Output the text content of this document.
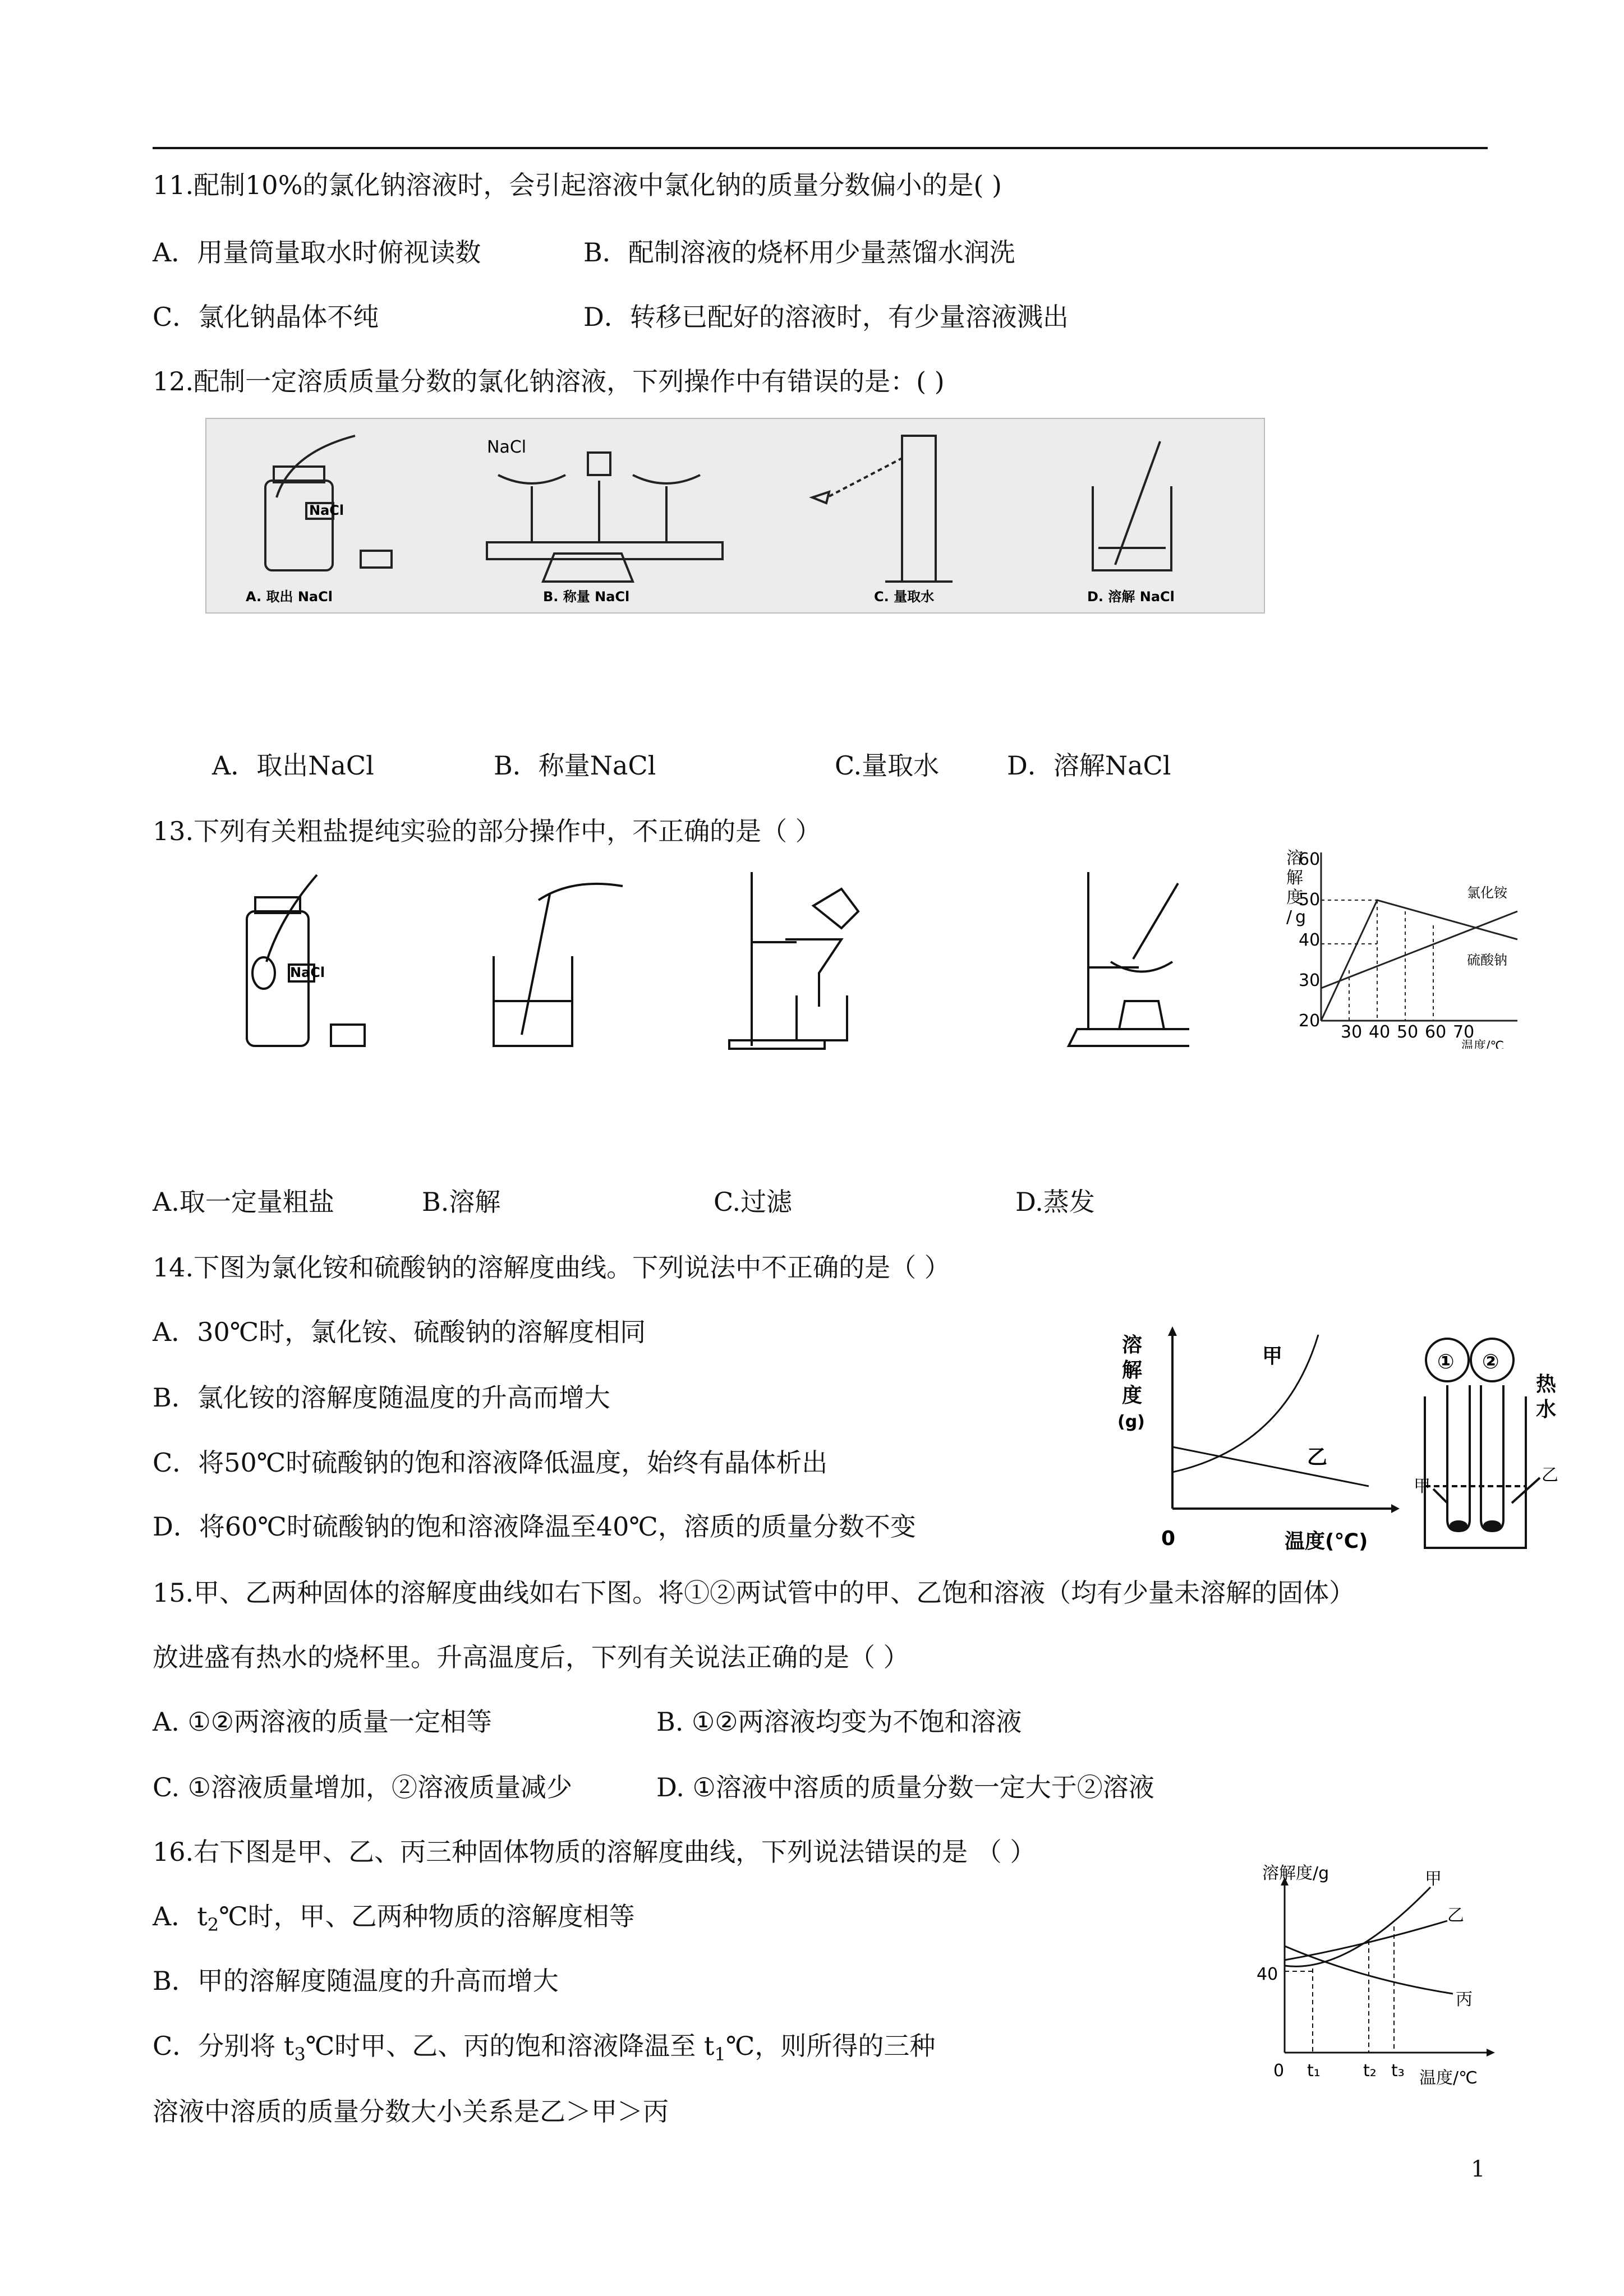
11.配制10%的氯化钠溶液时，会引起溶液中氯化钠的质量分数偏小的是( )
A．用量筒量取水时俯视读数	B．配制溶液的烧杯用少量蒸馏水润洗
C．氯化钠晶体不纯	D．转移已配好的溶液时，有少量溶液溅出
12.配制一定溶质质量分数的氯化钠溶液，下列操作中有错误的是：( )
NaCl
NaCl
A. 取出 NaCl	B. 称量 NaCl	C. 量取水	D. 溶解 NaCl
A．取出NaCl	B．称量NaCl	C.量取水	D．溶解NaCl
13.下列有关粗盐提纯实验的部分操作中，不正确的是（ ）
NaCl
溶
解
度
/ g
20
30
40
50
60
30 40 50 60 70
温度/℃
氯化铵
硫酸钠
A.取一定量粗盐	B.溶解	C.过滤	D.蒸发
14.下图为氯化铵和硫酸钠的溶解度曲线。下列说法中不正确的是（ ）
A．30℃时，氯化铵、硫酸钠的溶解度相同
B．氯化铵的溶解度随温度的升高而增大
C．将50℃时硫酸钠的饱和溶液降低温度，始终有晶体析出
D．将60℃时硫酸钠的饱和溶液降温至40℃，溶质的质量分数不变
溶
解
度
(g)
0	温度(℃)
甲
乙
① ②
热
水
甲
乙
15.甲、乙两种固体的溶解度曲线如右下图。将①②两试管中的甲、乙饱和溶液（均有少量未溶解的固体）
放进盛有热水的烧杯里。升高温度后，下列有关说法正确的是（ ）
A. ①②两溶液的质量一定相等	B. ①②两溶液均变为不饱和溶液
C. ①溶液质量增加，②溶液质量减少	D. ①溶液中溶质的质量分数一定大于②溶液
16.右下图是甲、乙、丙三种固体物质的溶解度曲线，下列说法错误的是 （ ）
A．$t_2℃$时，甲、乙两种物质的溶解度相等
B．甲的溶解度随温度的升高而增大
C．分别将 $t_3℃$时甲、乙、丙的饱和溶液降温至 $t_1℃$，则所得的三种
溶液中溶质的质量分数大小关系是乙＞甲＞丙
溶解度/g
温度/℃
0
40
t₁	t₂ t₃
甲
乙
丙
1
